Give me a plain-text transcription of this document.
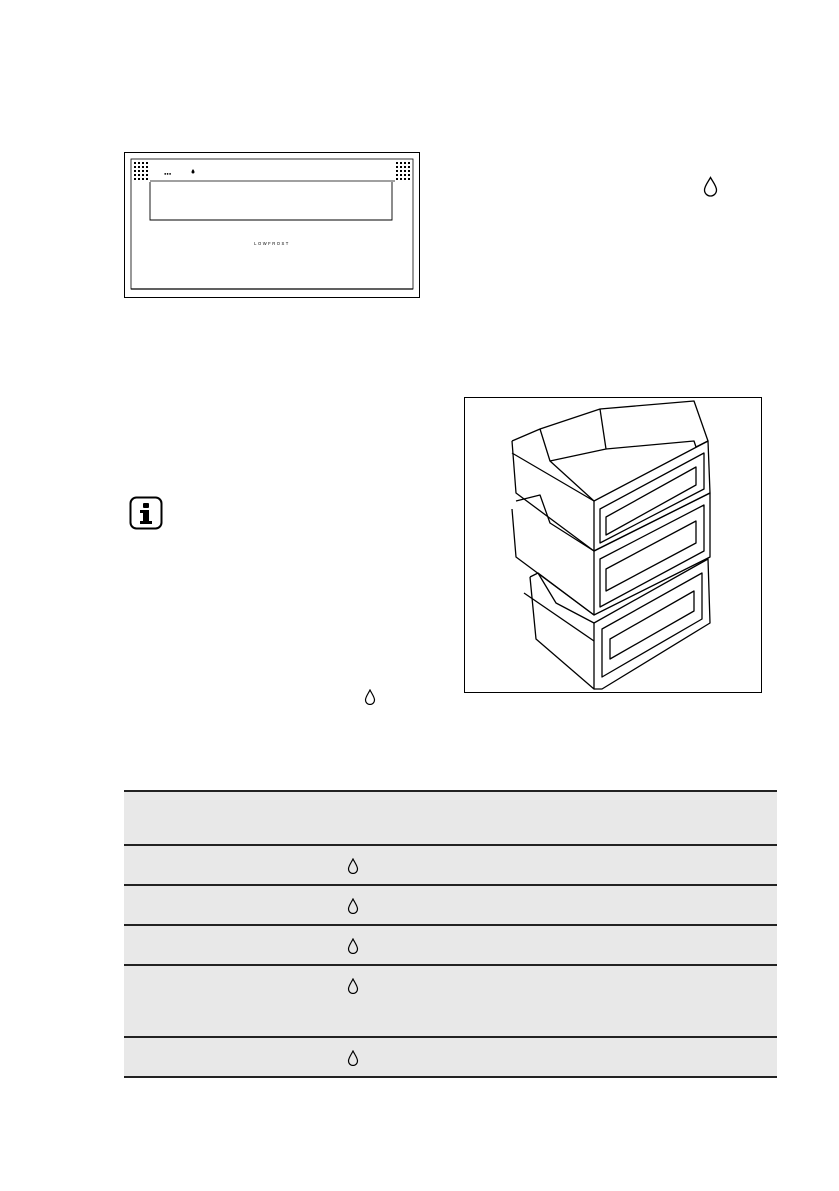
●●●
LOWFROST
